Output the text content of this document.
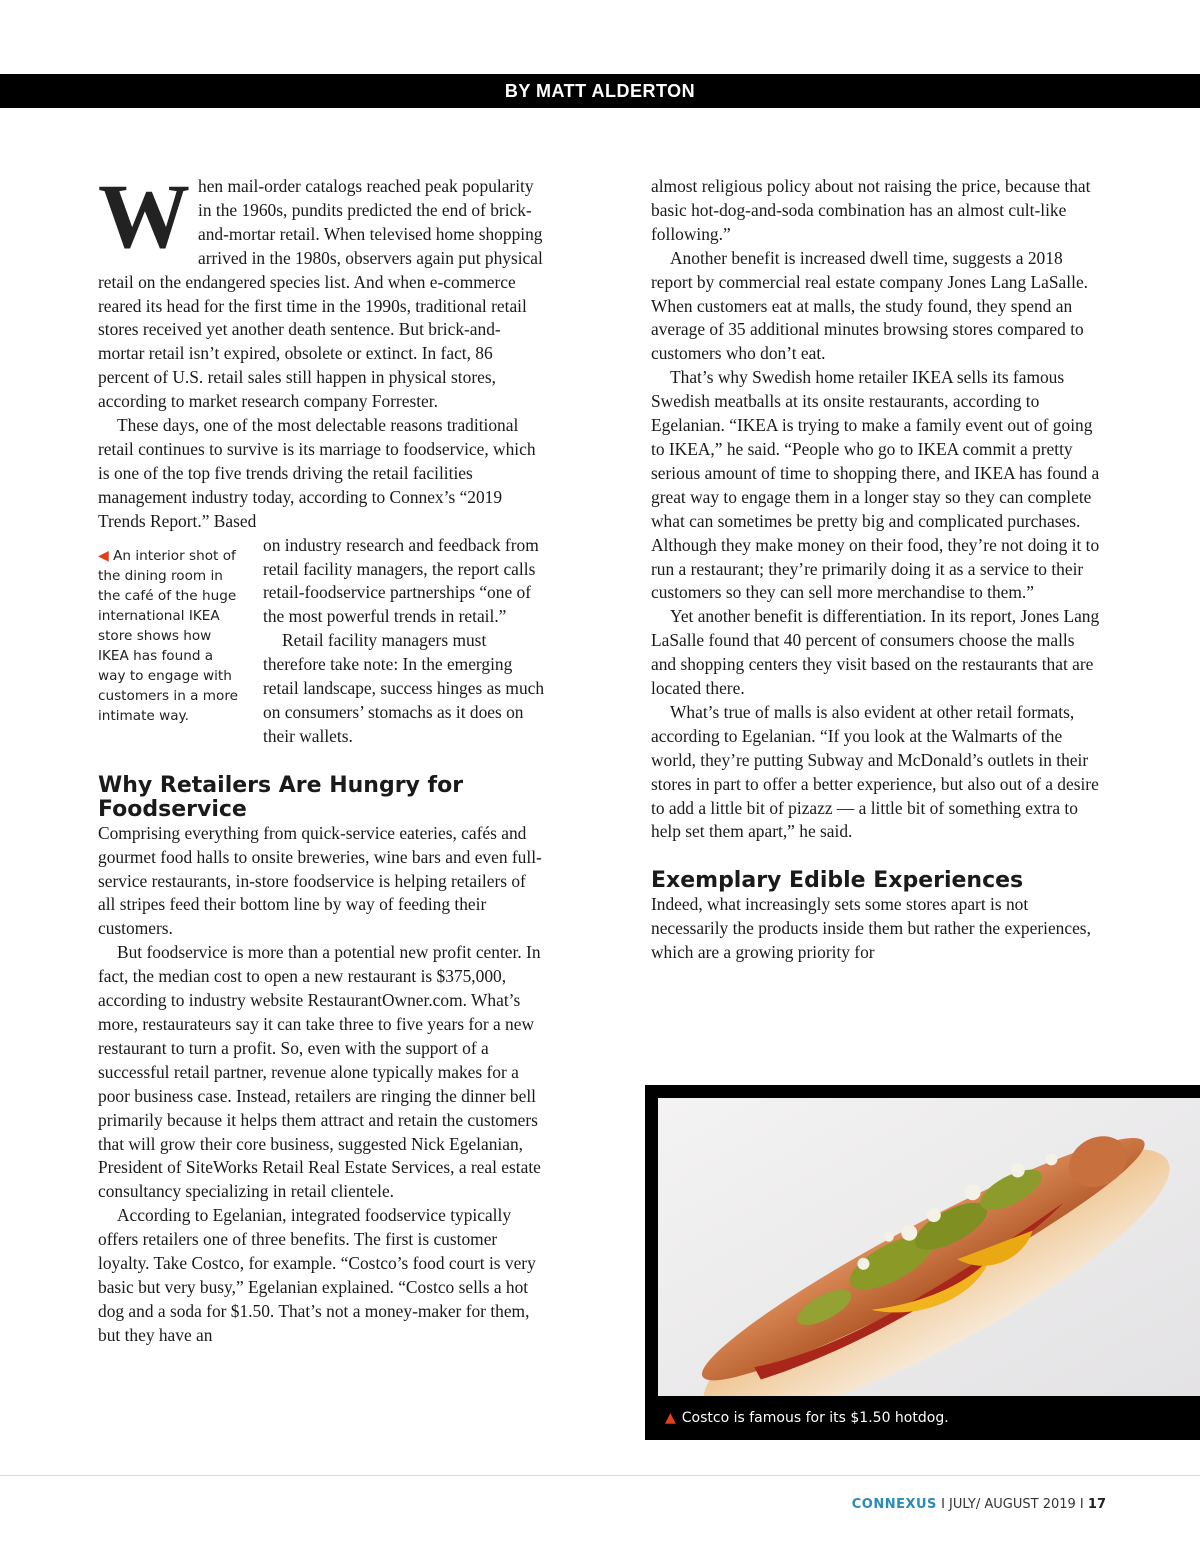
BY MATT ALDERTON
W hen mail-order catalogs reached peak popularity in the 1960s, pundits predicted the end of brick-and-mortar retail. When televised home shopping arrived in the 1980s, observers again put physical retail on the endangered species list. And when e-commerce reared its head for the first time in the 1990s, traditional retail stores received yet another death sentence. But brick-and-mortar retail isn’t expired, obsolete or extinct. In fact, 86 percent of U.S. retail sales still happen in physical stores, according to market research company Forrester.

These days, one of the most delectable reasons traditional retail continues to survive is its marriage to foodservice, which is one of the top five trends driving the retail facilities management industry today, according to Connex’s “2019 Trends Report.” Based

◀ An interior shot of the dining room in the café of the huge international IKEA store shows how IKEA has found a way to engage with customers in a more intimate way.

on industry research and feedback from retail facility managers, the report calls retail-foodservice partnerships “one of the most powerful trends in retail.”

Retail facility managers must therefore take note: In the emerging retail landscape, success hinges as much on consumers’ stomachs as it does on their wallets.

Why Retailers Are Hungry for Foodservice

Comprising everything from quick-service eateries, cafés and gourmet food halls to onsite breweries, wine bars and even full-service restaurants, in-store foodservice is helping retailers of all stripes feed their bottom line by way of feeding their customers.

But foodservice is more than a potential new profit center. In fact, the median cost to open a new restaurant is $375,000, according to industry website RestaurantOwner.com. What’s more, restaurateurs say it can take three to five years for a new restaurant to turn a profit. So, even with the support of a successful retail partner, revenue alone typically makes for a poor business case. Instead, retailers are ringing the dinner bell primarily because it helps them attract and retain the customers that will grow their core business, suggested Nick Egelanian, President of SiteWorks Retail Real Estate Services, a real estate consultancy specializing in retail clientele.

According to Egelanian, integrated foodservice typically offers retailers one of three benefits. The first is customer loyalty. Take Costco, for example. “Costco’s food court is very basic but very busy,” Egelanian explained. “Costco sells a hot dog and a soda for $1.50. That’s not a money-maker for them, but they have an

almost religious policy about not raising the price, because that basic hot-dog-and-soda combination has an almost cult-like following.”

Another benefit is increased dwell time, suggests a 2018 report by commercial real estate company Jones Lang LaSalle. When customers eat at malls, the study found, they spend an average of 35 additional minutes browsing stores compared to customers who don’t eat.

That’s why Swedish home retailer IKEA sells its famous Swedish meatballs at its onsite restaurants, according to Egelanian. “IKEA is trying to make a family event out of going to IKEA,” he said. “People who go to IKEA commit a pretty serious amount of time to shopping there, and IKEA has found a great way to engage them in a longer stay so they can complete what can sometimes be pretty big and complicated purchases. Although they make money on their food, they’re not doing it to run a restaurant; they’re primarily doing it as a service to their customers so they can sell more merchandise to them.”

Yet another benefit is differentiation. In its report, Jones Lang LaSalle found that 40 percent of consumers choose the malls and shopping centers they visit based on the restaurants that are located there.

What’s true of malls is also evident at other retail formats, according to Egelanian. “If you look at the Walmarts of the world, they’re putting Subway and McDonald’s outlets in their stores in part to offer a better experience, but also out of a desire to add a little bit of pizazz — a little bit of something extra to help set them apart,” he said.

Exemplary Edible Experiences

Indeed, what increasingly sets some stores apart is not necessarily the products inside them but rather the experiences, which are a growing priority for

▲ Costco is famous for its $1.50 hotdog.
CONNEXUS I JULY/ AUGUST 2019 I 17
